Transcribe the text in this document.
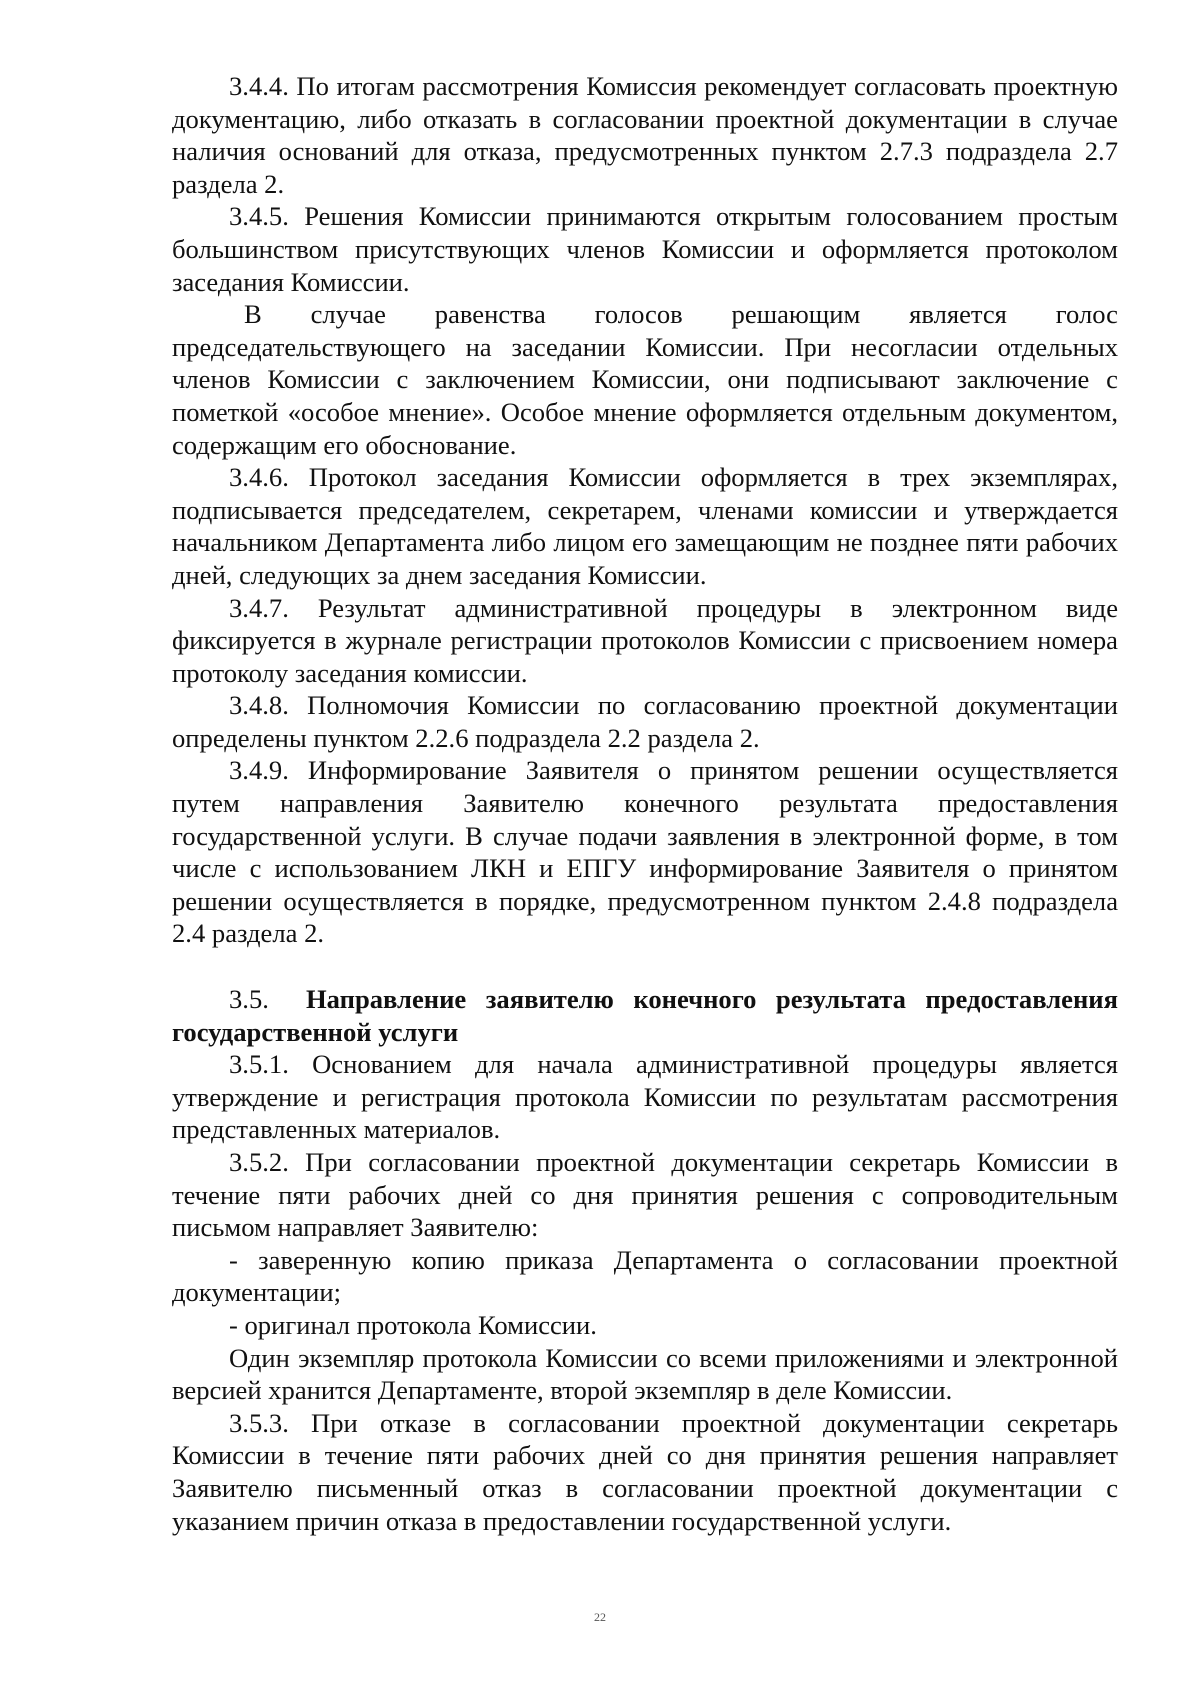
3.4.4. По итогам рассмотрения Комиссия рекомендует согласовать проектную документацию, либо отказать в согласовании проектной документации в случае наличия оснований для отказа, предусмотренных пунктом 2.7.3 подраздела 2.7 раздела 2.

3.4.5. Решения Комиссии принимаются открытым голосованием простым большинством присутствующих членов Комиссии и оформляется протоколом заседания Комиссии.

В случае равенства голосов решающим является голос председательствующего на заседании Комиссии. При несогласии отдельных членов Комиссии с заключением Комиссии, они подписывают заключение с пометкой «особое мнение». Особое мнение оформляется отдельным документом, содержащим его обоснование.

3.4.6. Протокол заседания Комиссии оформляется в трех экземплярах, подписывается председателем, секретарем, членами комиссии и утверждается начальником Департамента либо лицом его замещающим не позднее пяти рабочих дней, следующих за днем заседания Комиссии.

3.4.7. Результат административной процедуры в электронном виде фиксируется в журнале регистрации протоколов Комиссии с присвоением номера протоколу заседания комиссии.

3.4.8. Полномочия Комиссии по согласованию проектной документации определены пунктом 2.2.6 подраздела 2.2 раздела 2.

3.4.9. Информирование Заявителя о принятом решении осуществляется путем направления Заявителю конечного результата предоставления государственной услуги. В случае подачи заявления в электронной форме, в том числе с использованием ЛКН и ЕПГУ информирование Заявителя о принятом решении осуществляется в порядке, предусмотренном пунктом 2.4.8 подраздела 2.4 раздела 2.

3.5. Направление заявителю конечного результата предоставления государственной услуги

3.5.1. Основанием для начала административной процедуры является утверждение и регистрация протокола Комиссии по результатам рассмотрения представленных материалов.

3.5.2. При согласовании проектной документации секретарь Комиссии в течение пяти рабочих дней со дня принятия решения с сопроводительным письмом направляет Заявителю:

- заверенную копию приказа Департамента о согласовании проектной документации;

- оригинал протокола Комиссии.

Один экземпляр протокола Комиссии со всеми приложениями и электронной версией хранится Департаменте, второй экземпляр в деле Комиссии.

3.5.3. При отказе в согласовании проектной документации секретарь Комиссии в течение пяти рабочих дней со дня принятия решения направляет Заявителю письменный отказ в согласовании проектной документации с указанием причин отказа в предоставлении государственной услуги.

22
